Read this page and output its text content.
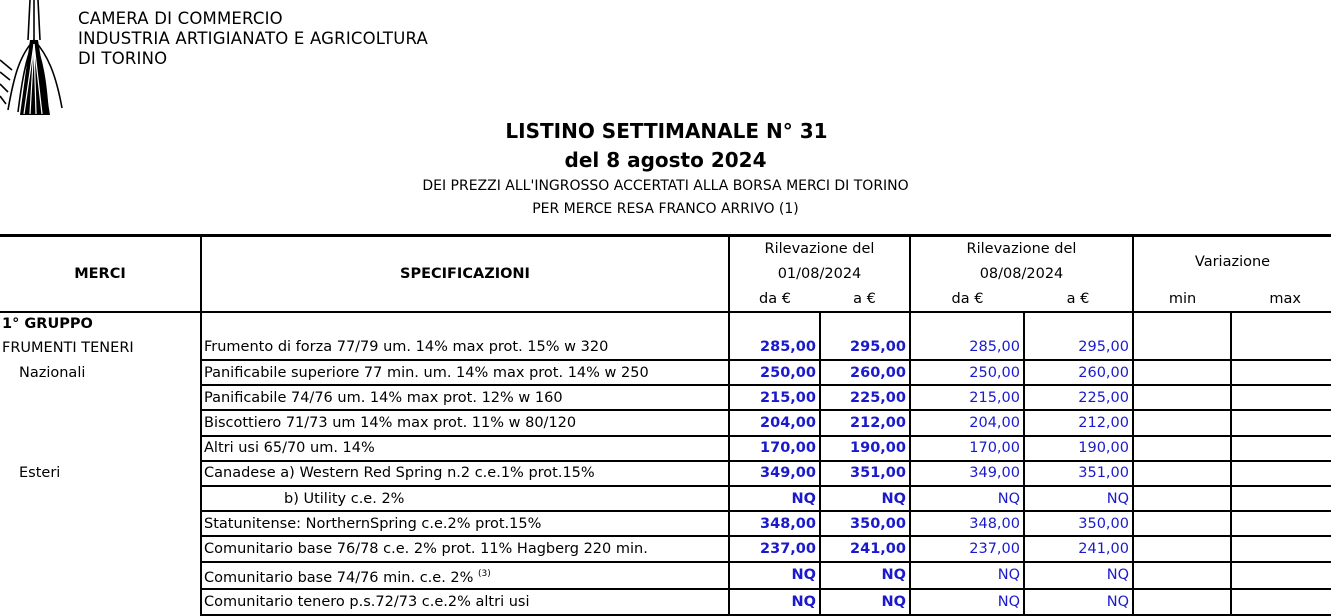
CAMERA DI COMMERCIO
INDUSTRIA ARTIGIANATO E AGRICOLTURA
DI TORINO
LISTINO SETTIMANALE N° 31
del 8 agosto 2024
DEI PREZZI ALL'INGROSSO ACCERTATI ALLA BORSA MERCI DI TORINO
PER MERCE RESA FRANCO ARRIVO (1)
MERCI	SPECIFICAZIONI	Rilevazione del		Rilevazione del		Variazione	
		01/08/2024		08/08/2024			
		da €	a €	da €	a €	min	max
1° GRUPPO							
FRUMENTI TENERI	Frumento di forza 77/79 um. 14% max prot. 15% w 320	285,00	295,00	285,00	295,00		
Nazionali	Panificabile superiore 77 min. um. 14% max prot. 14% w 250	250,00	260,00	250,00	260,00		
	Panificabile 74/76 um. 14% max prot. 12% w 160	215,00	225,00	215,00	225,00		
	Biscottiero 71/73 um 14% max prot. 11% w 80/120	204,00	212,00	204,00	212,00		
	Altri usi 65/70 um. 14%	170,00	190,00	170,00	190,00		
Esteri	Canadese a) Western Red Spring n.2 c.e.1% prot.15%	349,00	351,00	349,00	351,00		
	b) Utility c.e. 2%	NQ	NQ	NQ	NQ		
	Statunitense: NorthernSpring c.e.2% prot.15%	348,00	350,00	348,00	350,00		
	Comunitario base 76/78 c.e. 2% prot. 11% Hagberg 220 min.	237,00	241,00	237,00	241,00		
	Comunitario base 74/76 min. c.e. 2% $^{(3)}$	NQ	NQ	NQ	NQ		
	Comunitario tenero p.s.72/73 c.e.2% altri usi	NQ	NQ	NQ	NQ		
